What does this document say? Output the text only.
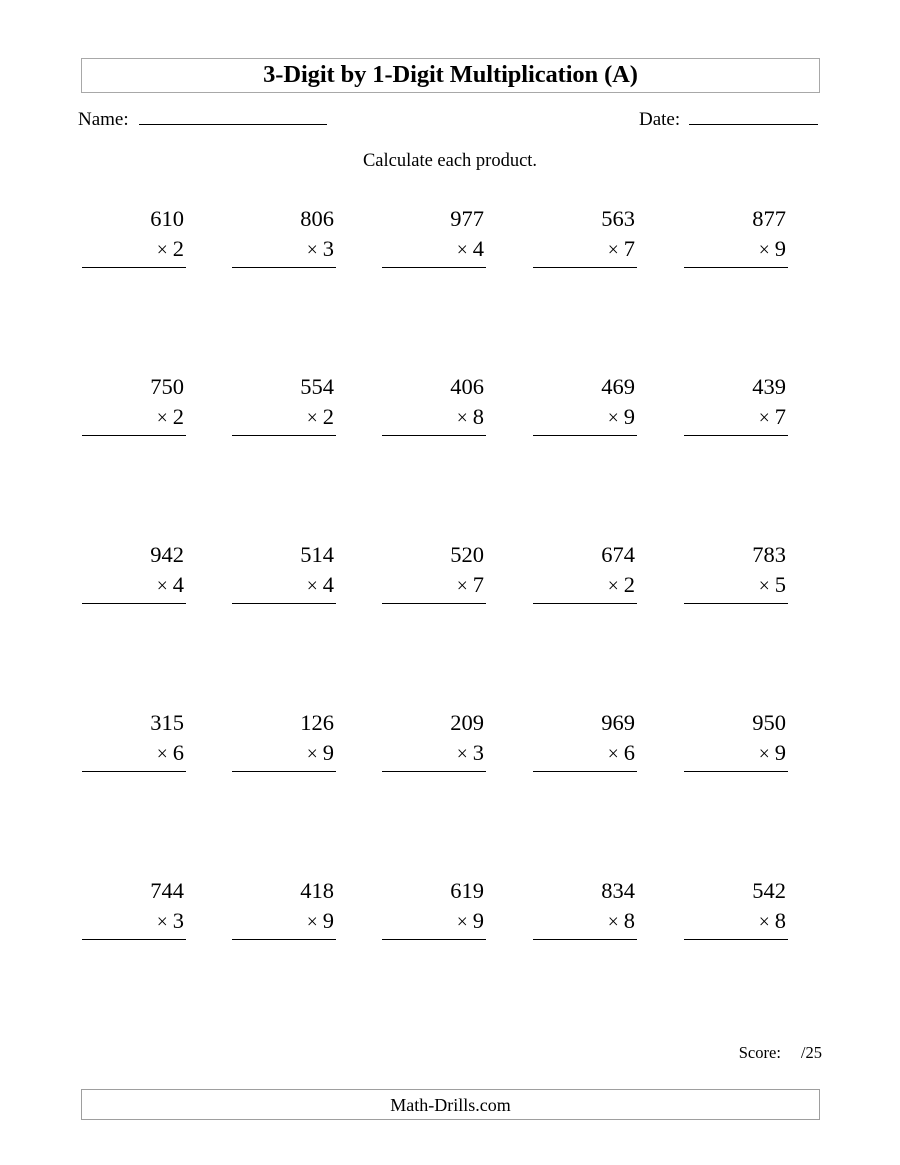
3-Digit by 1-Digit Multiplication (A)
Name:	Date:
Calculate each product.
610
× 2
806
× 3
977
× 4
563
× 7
877
× 9
750
× 2
554
× 2
406
× 8
469
× 9
439
× 7
942
× 4
514
× 4
520
× 7
674
× 2
783
× 5
315
× 6
126
× 9
209
× 3
969
× 6
950
× 9
744
× 3
418
× 9
619
× 9
834
× 8
542
× 8
Score: /25
Math-Drills.com
